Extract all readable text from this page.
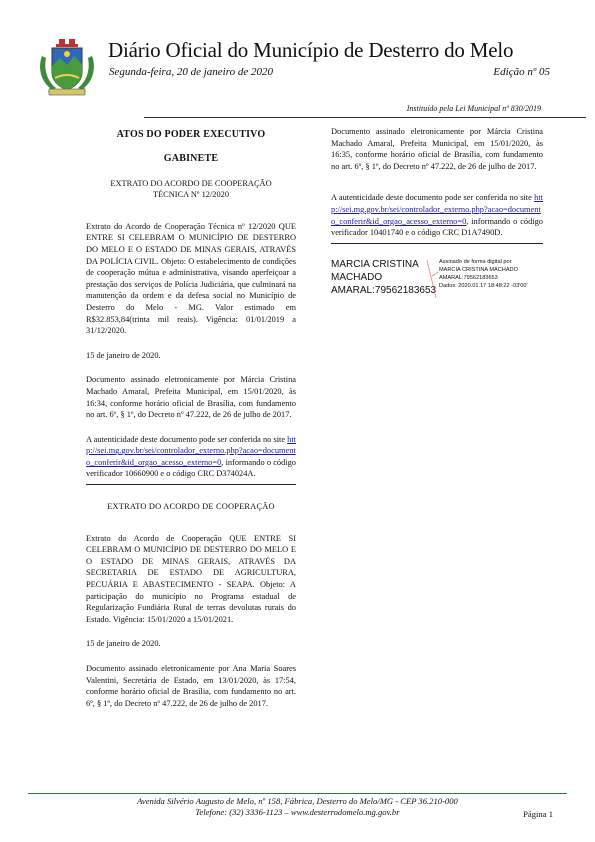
Diário Oficial do Município de Desterro do Melo
Segunda-feira, 20 de janeiro de 2020	Edição nº 05
Instituído pela Lei Municipal nº 830/2019
ATOS DO PODER EXECUTIVO
GABINETE
EXTRATO DO ACORDO DE COOPERAÇÃO
TÉCNICA Nº 12/2020
Extrato do Acordo de Cooperação Técnica nº 12/2020 QUE ENTRE SI CELEBRAM O MUNICÍPIO DE DESTERRO DO MELO E O ESTADO DE MINAS GERAIS, ATRAVÉS DA POLÍCIA CIVIL. Objeto: O estabelecimento de condições de cooperação mútua e administrativa, visando aperfeiçoar a prestação dos serviços de Polícia Judiciária, que culminará na manutenção da ordem e da defesa social no Município de Desterro do Melo - MG. Valor estimado em R$32.853,84(trinta mil reais). Vigência: 01/01/2019 a 31/12/2020.
15 de janeiro de 2020.
Documento assinado eletronicamente por Márcia Cristina Machado Amaral, Prefeita Municipal, em 15/01/2020, às 16:34, conforme horário oficial de Brasília, com fundamento no art. 6º, § 1º, do Decreto nº 47.222, de 26 de julho de 2017.
A autenticidade deste documento pode ser conferida no site http://sei.mg.gov.br/sei/controlador_externo.php?acao=documento_conferir&id_orgao_acesso_externo=0, informando o código verificador 10660900 e o código CRC D374024A.
EXTRATO DO ACORDO DE COOPERAÇÃO
Extrato do Acordo de Cooperação QUE ENTRE SI CELEBRAM O MUNICÍPIO DE DESTERRO DO MELO E O ESTADO DE MINAS GERAIS, ATRAVÉS DA SECRETARIA DE ESTADO DE AGRICULTURA, PECUÁRIA E ABASTECIMENTO - SEAPA. Objeto: A participação do município no Programa estadual de Regularização Fundiária Rural de terras devolutas rurais do Estado. Vigência: 15/01/2020 a 15/01/2021.
15 de janeiro de 2020.
Documento assinado eletronicamente por Ana Maria Soares Valentini, Secretária de Estado, em 13/01/2020, às 17:54, conforme horário oficial de Brasília, com fundamento no art. 6º, § 1º, do Decreto nº 47.222, de 26 de julho de 2017.
Documento assinado eletronicamente por Márcia Cristina Machado Amaral, Prefeita Municipal, em 15/01/2020, às 16:35, conforme horário oficial de Brasília, com fundamento no art. 6º, § 1º, do Decreto nº 47.222, de 26 de julho de 2017.
A autenticidade deste documento pode ser conferida no site http://sei.mg.gov.br/sei/controlador_externo.php?acao=documento_conferir&id_orgao_acesso_externo=0, informando o código verificador 10401740 e o código CRC D1A7490D.
MARCIA CRISTINA
MACHADO
AMARAL:79562183653
Assinado de forma digital por
MARCIA CRISTINA MACHADO
AMARAL:79562183653
Dados: 2020.01.17 18:48:22 -03'00'
Avenida Silvério Augusto de Melo, nº 158, Fábrica, Desterro do Melo/MG - CEP 36.210-000
Telefone: (32) 3336-1123 – www.desterrodomelo.mg.gov.br	Página 1
